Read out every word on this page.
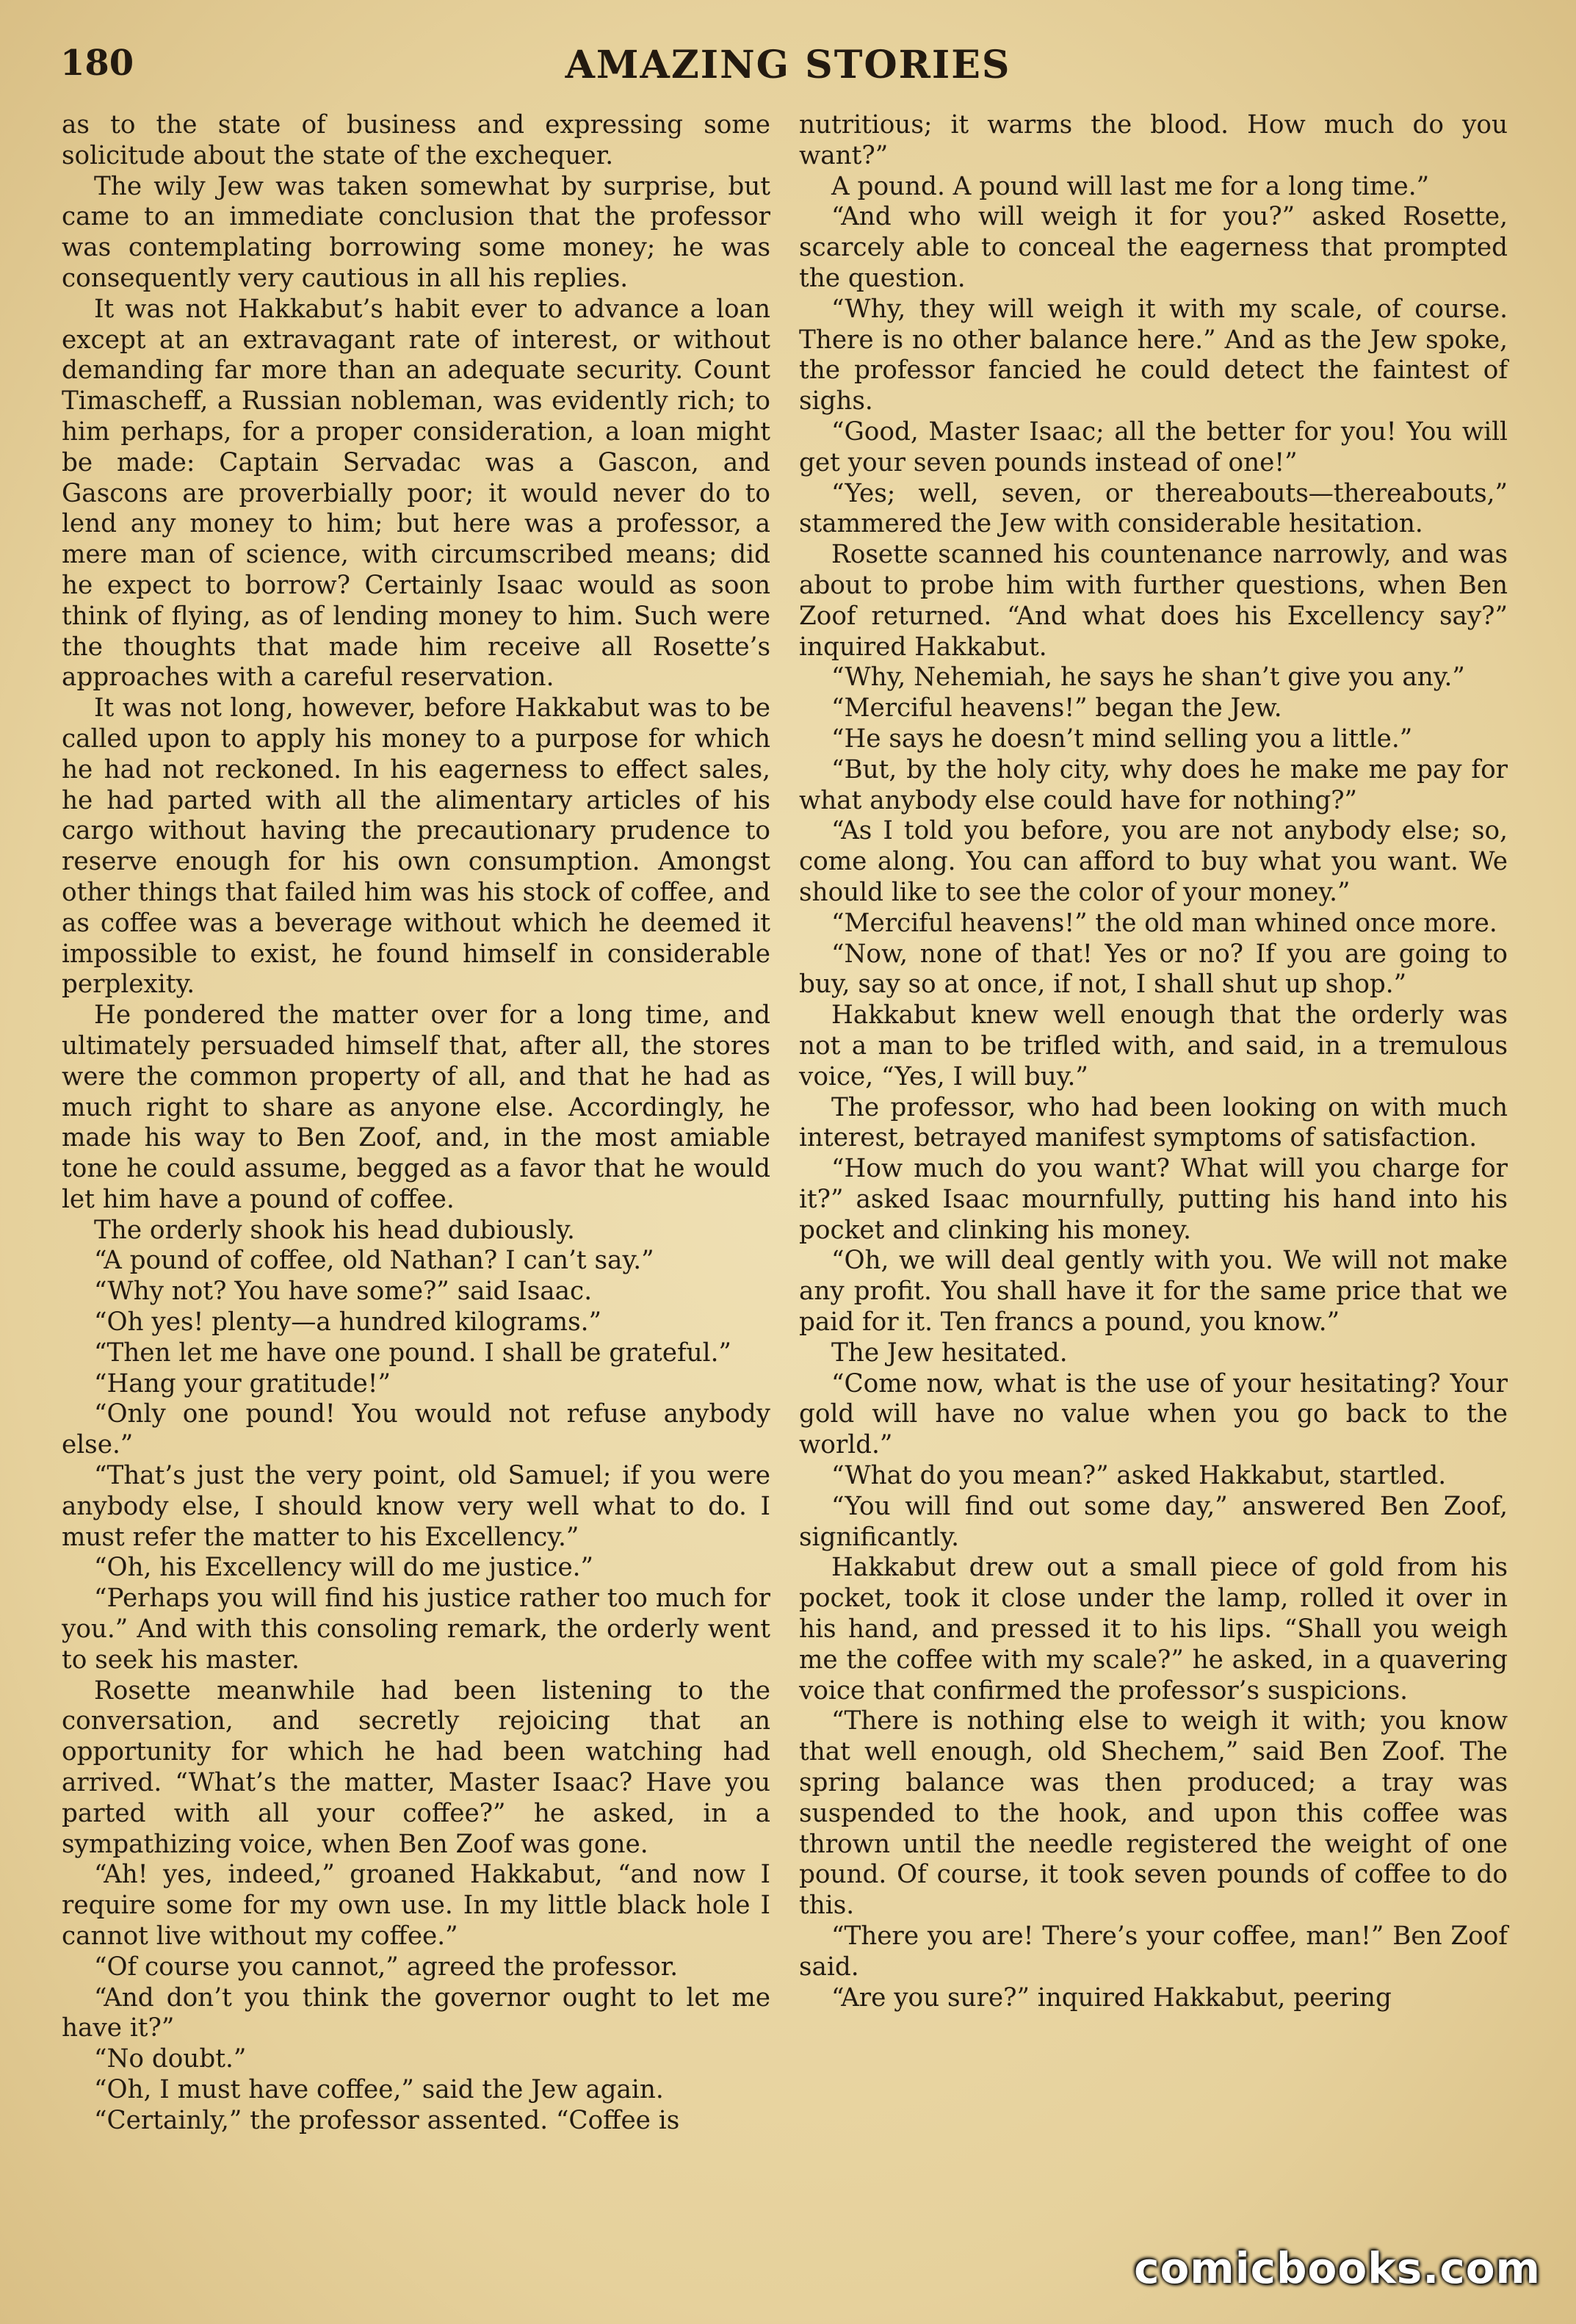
180	AMAZING STORIES

as to the state of business and expressing some solicitude about the state of the exchequer.

The wily Jew was taken somewhat by surprise, but came to an immediate conclusion that the professor was contemplating borrowing some money; he was consequently very cautious in all his replies.

It was not Hakkabut’s habit ever to advance a loan except at an extravagant rate of interest, or without demanding far more than an adequate security. Count Timascheff, a Russian nobleman, was evidently rich; to him perhaps, for a proper consideration, a loan might be made: Captain Servadac was a Gascon, and Gascons are proverbially poor; it would never do to lend any money to him; but here was a professor, a mere man of science, with circumscribed means; did he expect to borrow? Certainly Isaac would as soon think of flying, as of lending money to him. Such were the thoughts that made him receive all Rosette’s approaches with a careful reservation.

It was not long, however, before Hakkabut was to be called upon to apply his money to a purpose for which he had not reckoned. In his eagerness to effect sales, he had parted with all the alimentary articles of his cargo without having the precautionary prudence to reserve enough for his own consumption. Amongst other things that failed him was his stock of coffee, and as coffee was a beverage without which he deemed it impossible to exist, he found himself in considerable perplexity.

He pondered the matter over for a long time, and ultimately persuaded himself that, after all, the stores were the common property of all, and that he had as much right to share as anyone else. Accordingly, he made his way to Ben Zoof, and, in the most amiable tone he could assume, begged as a favor that he would let him have a pound of coffee.

The orderly shook his head dubiously.

“A pound of coffee, old Nathan? I can’t say.”

“Why not? You have some?” said Isaac.

“Oh yes! plenty—a hundred kilograms.”

“Then let me have one pound. I shall be grateful.”

“Hang your gratitude!”

“Only one pound! You would not refuse anybody else.”

“That’s just the very point, old Samuel; if you were anybody else, I should know very well what to do. I must refer the matter to his Excellency.”

“Oh, his Excellency will do me justice.”

“Perhaps you will find his justice rather too much for you.” And with this consoling remark, the orderly went to seek his master.

Rosette meanwhile had been listening to the conversation, and secretly rejoicing that an opportunity for which he had been watching had arrived. “What’s the matter, Master Isaac? Have you parted with all your coffee?” he asked, in a sympathizing voice, when Ben Zoof was gone.

“Ah! yes, indeed,” groaned Hakkabut, “and now I require some for my own use. In my little black hole I cannot live without my coffee.”

“Of course you cannot,” agreed the professor.

“And don’t you think the governor ought to let me have it?”

“No doubt.”

“Oh, I must have coffee,” said the Jew again.

“Certainly,” the professor assented. “Coffee is

nutritious; it warms the blood. How much do you want?”

A pound. A pound will last me for a long time.”

“And who will weigh it for you?” asked Rosette, scarcely able to conceal the eagerness that prompted the question.

“Why, they will weigh it with my scale, of course. There is no other balance here.” And as the Jew spoke, the professor fancied he could detect the faintest of sighs.

“Good, Master Isaac; all the better for you! You will get your seven pounds instead of one!”

“Yes; well, seven, or thereabouts—thereabouts,” stammered the Jew with considerable hesitation.

Rosette scanned his countenance narrowly, and was about to probe him with further questions, when Ben Zoof returned. “And what does his Excellency say?” inquired Hakkabut.

“Why, Nehemiah, he says he shan’t give you any.”

“Merciful heavens!” began the Jew.

“He says he doesn’t mind selling you a little.”

“But, by the holy city, why does he make me pay for what anybody else could have for nothing?”

“As I told you before, you are not anybody else; so, come along. You can afford to buy what you want. We should like to see the color of your money.”

“Merciful heavens!” the old man whined once more.

“Now, none of that! Yes or no? If you are going to buy, say so at once, if not, I shall shut up shop.”

Hakkabut knew well enough that the orderly was not a man to be trifled with, and said, in a tremulous voice, “Yes, I will buy.”

The professor, who had been looking on with much interest, betrayed manifest symptoms of satisfaction.

“How much do you want? What will you charge for it?” asked Isaac mournfully, putting his hand into his pocket and clinking his money.

“Oh, we will deal gently with you. We will not make any profit. You shall have it for the same price that we paid for it. Ten francs a pound, you know.”

The Jew hesitated.

“Come now, what is the use of your hesitating? Your gold will have no value when you go back to the world.”

“What do you mean?” asked Hakkabut, startled.

“You will find out some day,” answered Ben Zoof, significantly.

Hakkabut drew out a small piece of gold from his pocket, took it close under the lamp, rolled it over in his hand, and pressed it to his lips. “Shall you weigh me the coffee with my scale?” he asked, in a quavering voice that confirmed the professor’s suspicions.

“There is nothing else to weigh it with; you know that well enough, old Shechem,” said Ben Zoof. The spring balance was then produced; a tray was suspended to the hook, and upon this coffee was thrown until the needle registered the weight of one pound. Of course, it took seven pounds of coffee to do this.

“There you are! There’s your coffee, man!” Ben Zoof said.

“Are you sure?” inquired Hakkabut, peering

comicbooks.com
